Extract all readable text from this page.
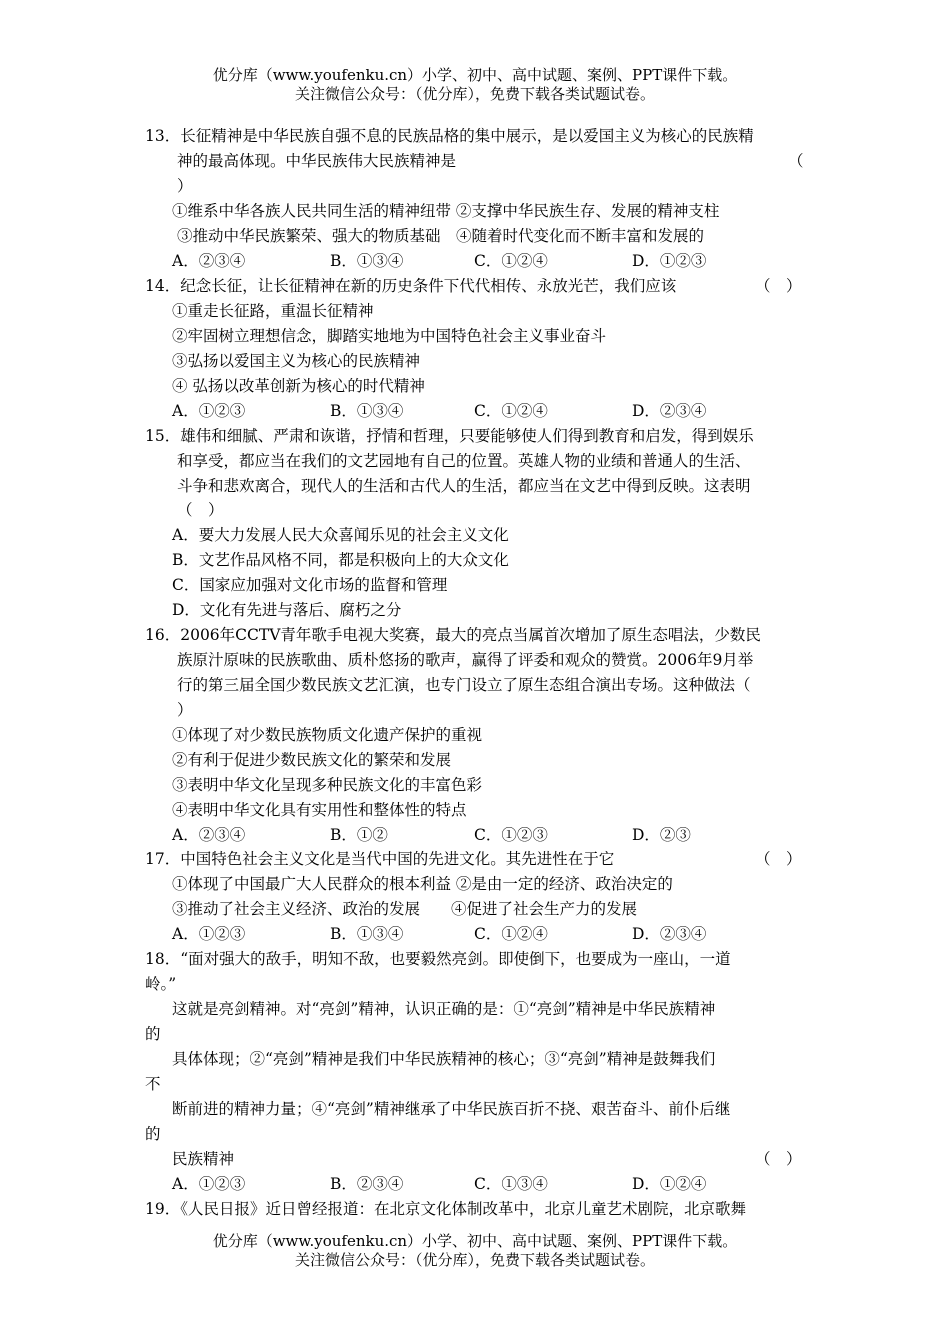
优分库（www.youfenku.cn）小学、初中、高中试题、案例、PPT课件下载。
关注微信公众号：（优分库），免费下载各类试题试卷。
13．长征精神是中华民族自强不息的民族品格的集中展示，是以爱国主义为核心的民族精
神的最高体现。中华民族伟大民族精神是	（
）
①维系中华各族人民共同生活的精神纽带 ②支撑中华民族生存、发展的精神支柱
③推动中华民族繁荣、强大的物质基础　④随着时代变化而不断丰富和发展的
A．②③④	B．①③④	C．①②④	D．①②③
14．纪念长征，让长征精神在新的历史条件下代代相传、永放光芒，我们应该	（　）
①重走长征路，重温长征精神
②牢固树立理想信念，脚踏实地地为中国特色社会主义事业奋斗
③弘扬以爱国主义为核心的民族精神
④ 弘扬以改革创新为核心的时代精神
A．①②③	B．①③④	C．①②④	D．②③④
15．雄伟和细腻、严肃和诙谐，抒情和哲理，只要能够使人们得到教育和启发，得到娱乐
和享受，都应当在我们的文艺园地有自己的位置。英雄人物的业绩和普通人的生活、
斗争和悲欢离合，现代人的生活和古代人的生活，都应当在文艺中得到反映。这表明
（　）
A．要大力发展人民大众喜闻乐见的社会主义文化
B．文艺作品风格不同，都是积极向上的大众文化
C．国家应加强对文化市场的监督和管理
D．文化有先进与落后、腐朽之分
16．2006年CCTV青年歌手电视大奖赛，最大的亮点当属首次增加了原生态唱法，少数民
族原汁原味的民族歌曲、质朴悠扬的歌声，赢得了评委和观众的赞赏。2006年9月举
行的第三届全国少数民族文艺汇演，也专门设立了原生态组合演出专场。这种做法（
）
①体现了对少数民族物质文化遗产保护的重视
②有利于促进少数民族文化的繁荣和发展
③表明中华文化呈现多种民族文化的丰富色彩
④表明中华文化具有实用性和整体性的特点
A．②③④	B．①②	C．①②③	D．②③
17．中国特色社会主义文化是当代中国的先进文化。其先进性在于它	（　）
①体现了中国最广大人民群众的根本利益 ②是由一定的经济、政治决定的
③推动了社会主义经济、政治的发展　　④促进了社会生产力的发展
A．①②③	B．①③④	C．①②④	D．②③④
18．“面对强大的敌手，明知不敌，也要毅然亮剑。即使倒下，也要成为一座山，一道
岭。”
这就是亮剑精神。对“亮剑”精神，认识正确的是：①“亮剑”精神是中华民族精神
的
具体体现；②“亮剑”精神是我们中华民族精神的核心；③“亮剑”精神是鼓舞我们
不
断前进的精神力量；④“亮剑”精神继承了中华民族百折不挠、艰苦奋斗、前仆后继
的
民族精神	（　）
A．①②③	B．②③④	C．①③④	D．①②④
19．《人民日报》近日曾经报道：在北京文化体制改革中，北京儿童艺术剧院，北京歌舞
优分库（www.youfenku.cn）小学、初中、高中试题、案例、PPT课件下载。
关注微信公众号：（优分库），免费下载各类试题试卷。
